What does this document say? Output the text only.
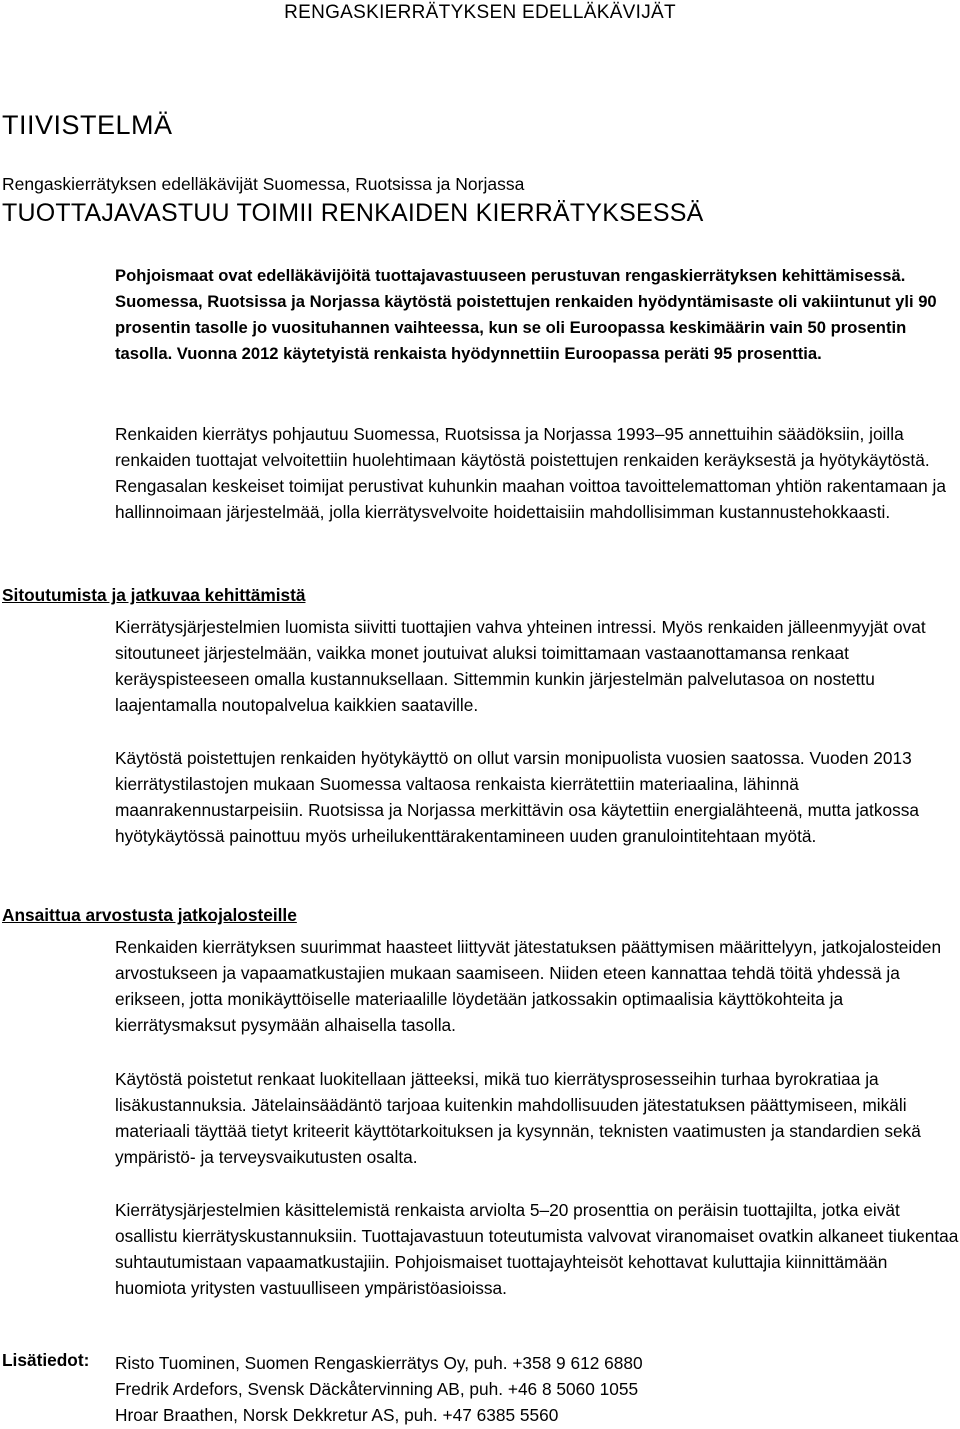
RENGASKIERRÄTYKSEN EDELLÄKÄVIJÄT
TIIVISTELMÄ
Rengaskierrätyksen edelläkävijät Suomessa, Ruotsissa ja Norjassa
TUOTTAJAVASTUU TOIMII RENKAIDEN KIERRÄTYKSESSÄ

Pohjoismaat ovat edelläkävijöitä tuottajavastuuseen perustuvan rengaskierrätyksen kehittämisessä. Suomessa, Ruotsissa ja Norjassa käytöstä poistettujen renkaiden hyödyntämisaste oli vakiintunut yli 90 prosentin tasolle jo vuosituhannen vaihteessa, kun se oli Euroopassa keskimäärin vain 50 prosentin tasolla. Vuonna 2012 käytetyistä renkaista hyödynnettiin Euroopassa peräti 95 prosenttia.

Renkaiden kierrätys pohjautuu Suomessa, Ruotsissa ja Norjassa 1993–95 annettuihin säädöksiin, joilla renkaiden tuottajat velvoitettiin huolehtimaan käytöstä poistettujen renkaiden keräyksestä ja hyötykäytöstä. Rengasalan keskeiset toimijat perustivat kuhunkin maahan voittoa tavoittelemattoman yhtiön rakentamaan ja hallinnoimaan järjestelmää, jolla kierrätysvelvoite hoidettaisiin mahdollisimman kustannustehokkaasti.

Sitoutumista ja jatkuvaa kehittämistä

Kierrätysjärjestelmien luomista siivitti tuottajien vahva yhteinen intressi. Myös renkaiden jälleenmyyjät ovat sitoutuneet järjestelmään, vaikka monet joutuivat aluksi toimittamaan vastaanottamansa renkaat keräyspisteeseen omalla kustannuksellaan. Sittemmin kunkin järjestelmän palvelutasoa on nostettu laajentamalla noutopalvelua kaikkien saataville.

Käytöstä poistettujen renkaiden hyötykäyttö on ollut varsin monipuolista vuosien saatossa. Vuoden 2013 kierrätystilastojen mukaan Suomessa valtaosa renkaista kierrätettiin materiaalina, lähinnä maanrakennustarpeisiin. Ruotsissa ja Norjassa merkittävin osa käytettiin energialähteenä, mutta jatkossa hyötykäytössä painottuu myös urheilukenttärakentamineen uuden granulointitehtaan myötä.

Ansaittua arvostusta jatkojalosteille

Renkaiden kierrätyksen suurimmat haasteet liittyvät jätestatuksen päättymisen määrittelyyn, jatkojalosteiden arvostukseen ja vapaamatkustajien mukaan saamiseen. Niiden eteen kannattaa tehdä töitä yhdessä ja erikseen, jotta monikäyttöiselle materiaalille löydetään jatkossakin optimaalisia käyttökohteita ja kierrätysmaksut pysymään alhaisella tasolla.

Käytöstä poistetut renkaat luokitellaan jätteeksi, mikä tuo kierrätysprosesseihin turhaa byrokratiaa ja lisäkustannuksia. Jätelainsäädäntö tarjoaa kuitenkin mahdollisuuden jätestatuksen päättymiseen, mikäli materiaali täyttää tietyt kriteerit käyttötarkoituksen ja kysynnän, teknisten vaatimusten ja standardien sekä ympäristö- ja terveysvaikutusten osalta.

Kierrätysjärjestelmien käsittelemistä renkaista arviolta 5–20 prosenttia on peräisin tuottajilta, jotka eivät osallistu kierrätyskustannuksiin. Tuottajavastuun toteutumista valvovat viranomaiset ovatkin alkaneet tiukentaa suhtautumistaan vapaamatkustajiin. Pohjoismaiset tuottajayhteisöt kehottavat kuluttajia kiinnittämään huomiota yritysten vastuulliseen ympäristöasioissa.

Lisätiedot: Risto Tuominen, Suomen Rengaskierrätys Oy, puh. +358 9 612 6880
Fredrik Ardefors, Svensk Däckåtervinning AB, puh. +46 8 5060 1055
Hroar Braathen, Norsk Dekkretur AS, puh. +47 6385 5560
